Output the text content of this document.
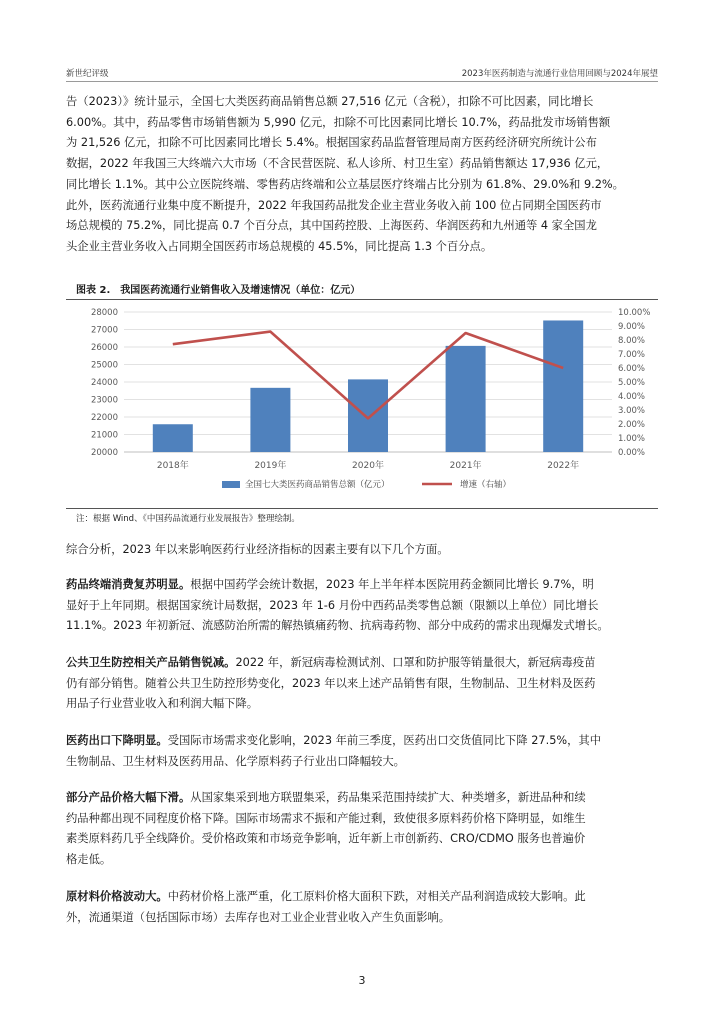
新世纪评级	2023年医药制造与流通行业信用回顾与2024年展望
告（2023）》统计显示，全国七大类医药商品销售总额 27,516 亿元（含税），扣除不可比因素，同比增长
6.00%。其中，药品零售市场销售额为 5,990 亿元，扣除不可比因素同比增长 10.7%，药品批发市场销售额
为 21,526 亿元，扣除不可比因素同比增长 5.4%。根据国家药品监督管理局南方医药经济研究所统计公布
数据，2022 年我国三大终端六大市场（不含民营医院、私人诊所、村卫生室）药品销售额达 17,936 亿元，
同比增长 1.1%。其中公立医院终端、零售药店终端和公立基层医疗终端占比分别为 61.8%、29.0%和 9.2%。
此外，医药流通行业集中度不断提升，2022 年我国药品批发企业主营业务收入前 100 位占同期全国医药市
场总规模的 75.2%，同比提高 0.7 个百分点，其中国药控股、上海医药、华润医药和九州通等 4 家全国龙
头企业主营业务收入占同期全国医药市场总规模的 45.5%，同比提高 1.3 个百分点。
图表 2. 我国医药流通行业销售收入及增速情况（单位：亿元）
20000
21000
22000
23000
24000
25000
26000
27000
28000
0.00%
1.00%
2.00%
3.00%
4.00%
5.00%
6.00%
7.00%
8.00%
9.00%
10.00%
2018年	2019年	2020年	2021年	2022年
全国七大类医药商品销售总额（亿元）	增速（右轴）
注：根据 Wind、《中国药品流通行业发展报告》整理绘制。
综合分析，2023 年以来影响医药行业经济指标的因素主要有以下几个方面。
药品终端消费复苏明显。根据中国药学会统计数据，2023 年上半年样本医院用药金额同比增长 9.7%，明
显好于上年同期。根据国家统计局数据，2023 年 1-6 月份中西药品类零售总额（限额以上单位）同比增长
11.1%。2023 年初新冠、流感防治所需的解热镇痛药物、抗病毒药物、部分中成药的需求出现爆发式增长。
公共卫生防控相关产品销售锐减。2022 年，新冠病毒检测试剂、口罩和防护服等销量很大，新冠病毒疫苗
仍有部分销售。随着公共卫生防控形势变化，2023 年以来上述产品销售有限，生物制品、卫生材料及医药
用品子行业营业收入和利润大幅下降。
医药出口下降明显。受国际市场需求变化影响，2023 年前三季度，医药出口交货值同比下降 27.5%，其中
生物制品、卫生材料及医药用品、化学原料药子行业出口降幅较大。
部分产品价格大幅下滑。从国家集采到地方联盟集采，药品集采范围持续扩大、种类增多，新进品种和续
约品种都出现不同程度价格下降。国际市场需求不振和产能过剩，致使很多原料药价格下降明显，如维生
素类原料药几乎全线降价。受价格政策和市场竞争影响，近年新上市创新药、CRO/CDMO 服务也普遍价
格走低。
原材料价格波动大。中药材价格上涨严重，化工原料价格大面积下跌，对相关产品利润造成较大影响。此
外，流通渠道（包括国际市场）去库存也对工业企业营业收入产生负面影响。
3
